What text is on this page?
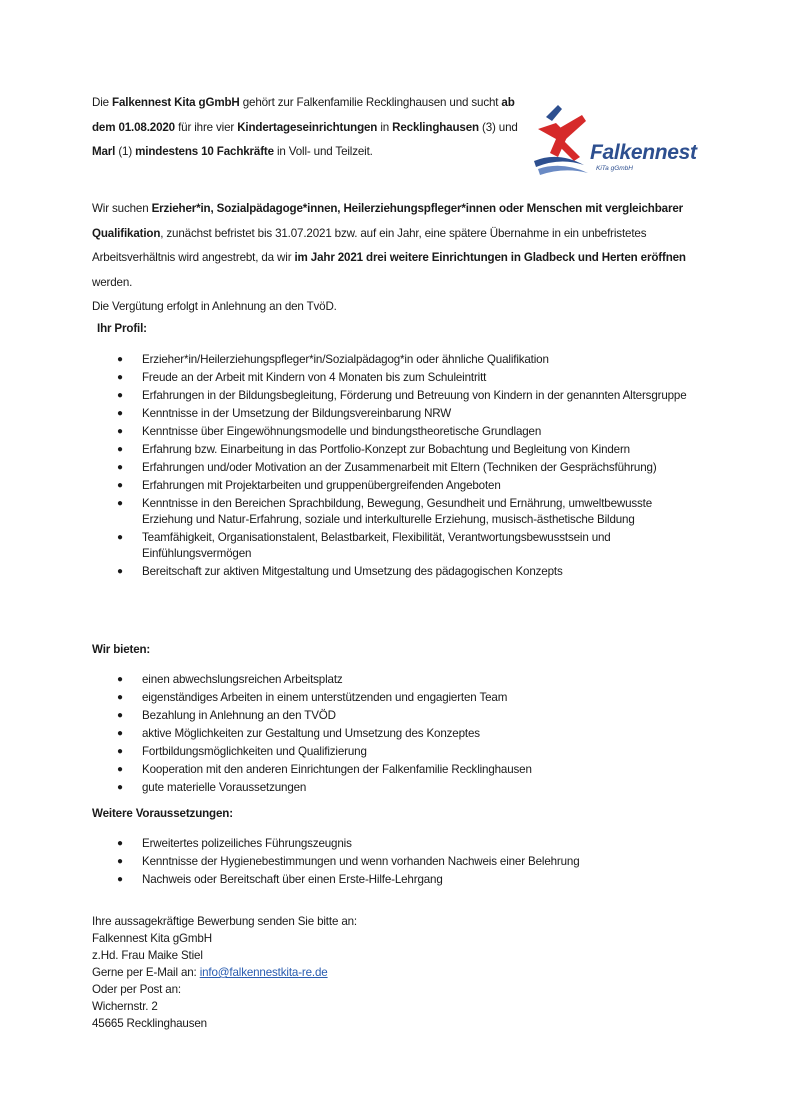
Die Falkennest Kita gGmbH gehört zur Falkenfamilie Recklinghausen und sucht ab dem 01.08.2020 für ihre vier Kindertageseinrichtungen in Recklinghausen (3) und Marl (1) mindestens 10 Fachkräfte in Voll- und Teilzeit.	Falkennest
KiTa gGmbH
Wir suchen Erzieher*in, Sozialpädagoge*innen, Heilerziehungspfleger*innen oder Menschen mit vergleichbarer Qualifikation, zunächst befristet bis 31.07.2021 bzw. auf ein Jahr, eine spätere Übernahme in ein unbefristetes Arbeitsverhältnis wird angestrebt, da wir im Jahr 2021 drei weitere Einrichtungen in Gladbeck und Herten eröffnen werden.
Die Vergütung erfolgt in Anlehnung an den TvöD.
Ihr Profil:
● Erzieher*in/Heilerziehungspfleger*in/Sozialpädagog*in oder ähnliche Qualifikation
● Freude an der Arbeit mit Kindern von 4 Monaten bis zum Schuleintritt
● Erfahrungen in der Bildungsbegleitung, Förderung und Betreuung von Kindern in der genannten Altersgruppe
● Kenntnisse in der Umsetzung der Bildungsvereinbarung NRW
● Kenntnisse über Eingewöhnungsmodelle und bindungstheoretische Grundlagen
● Erfahrung bzw. Einarbeitung in das Portfolio-Konzept zur Bobachtung und Begleitung von Kindern
● Erfahrungen und/oder Motivation an der Zusammenarbeit mit Eltern (Techniken der Gesprächsführung)
● Erfahrungen mit Projektarbeiten und gruppenübergreifenden Angeboten
● Kenntnisse in den Bereichen Sprachbildung, Bewegung, Gesundheit und Ernährung, umweltbewusste Erziehung und Natur-Erfahrung, soziale und interkulturelle Erziehung, musisch-ästhetische Bildung
● Teamfähigkeit, Organisationstalent, Belastbarkeit, Flexibilität, Verantwortungsbewusstsein und Einfühlungsvermögen
● Bereitschaft zur aktiven Mitgestaltung und Umsetzung des pädagogischen Konzepts
Wir bieten:
● einen abwechslungsreichen Arbeitsplatz
● eigenständiges Arbeiten in einem unterstützenden und engagierten Team
● Bezahlung in Anlehnung an den TVÖD
● aktive Möglichkeiten zur Gestaltung und Umsetzung des Konzeptes
● Fortbildungsmöglichkeiten und Qualifizierung
● Kooperation mit den anderen Einrichtungen der Falkenfamilie Recklinghausen
● gute materielle Voraussetzungen
Weitere Voraussetzungen:
● Erweitertes polizeiliches Führungszeugnis
● Kenntnisse der Hygienebestimmungen und wenn vorhanden Nachweis einer Belehrung
● Nachweis oder Bereitschaft über einen Erste-Hilfe-Lehrgang
Ihre aussagekräftige Bewerbung senden Sie bitte an:
Falkennest Kita gGmbH
z.Hd. Frau Maike Stiel
Gerne per E-Mail an: info@falkennestkita-re.de
Oder per Post an:
Wichernstr. 2
45665 Recklinghausen
